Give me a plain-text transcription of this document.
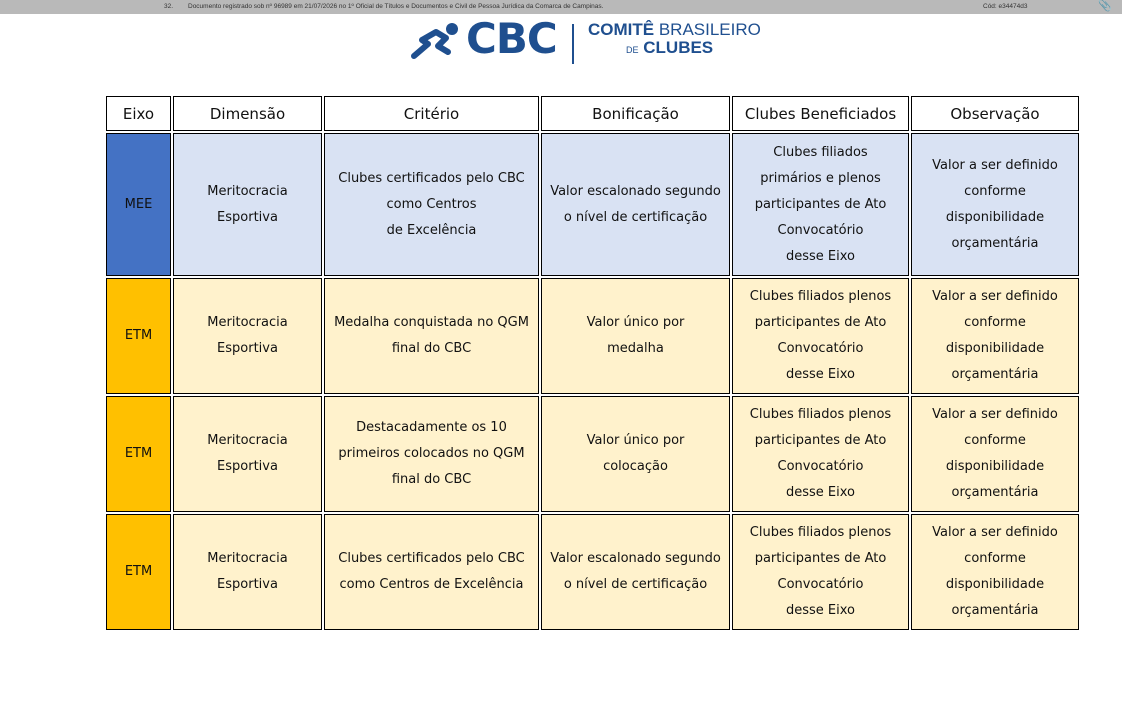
32. Documento registrado sob nº 96989 em 21/07/2026 no 1º Oficial de Títulos e Documentos e Civil de Pessoa Jurídica da Comarca de Campinas.	Cód: e34474d3	📎
CBC COMITÊ BRASILEIRO
DE CLUBES
Eixo	Dimensão	Critério	Bonificação	Clubes Beneficiados	Observação
MEE	Meritocracia Esportiva	Clubes certificados pelo CBC
como Centros
de Excelência	Valor escalonado segundo
o nível de certificação	Clubes filiados
primários e plenos
participantes de Ato
Convocatório
desse Eixo	Valor a ser definido
conforme disponibilidade
orçamentária
ETM	Meritocracia
Esportiva	Medalha conquistada no QGM
final do CBC	Valor único por
medalha	Clubes filiados plenos
participantes de Ato
Convocatório
desse Eixo	Valor a ser definido
conforme
disponibilidade
orçamentária
ETM	Meritocracia
Esportiva	Destacadamente os 10
primeiros colocados no QGM
final do CBC	Valor único por
colocação	Clubes filiados plenos
participantes de Ato
Convocatório
desse Eixo	Valor a ser definido
conforme
disponibilidade
orçamentária
ETM	Meritocracia
Esportiva	Clubes certificados pelo CBC
como Centros de Excelência	Valor escalonado segundo
o nível de certificação	Clubes filiados plenos
participantes de Ato
Convocatório
desse Eixo	Valor a ser definido
conforme
disponibilidade
orçamentária
